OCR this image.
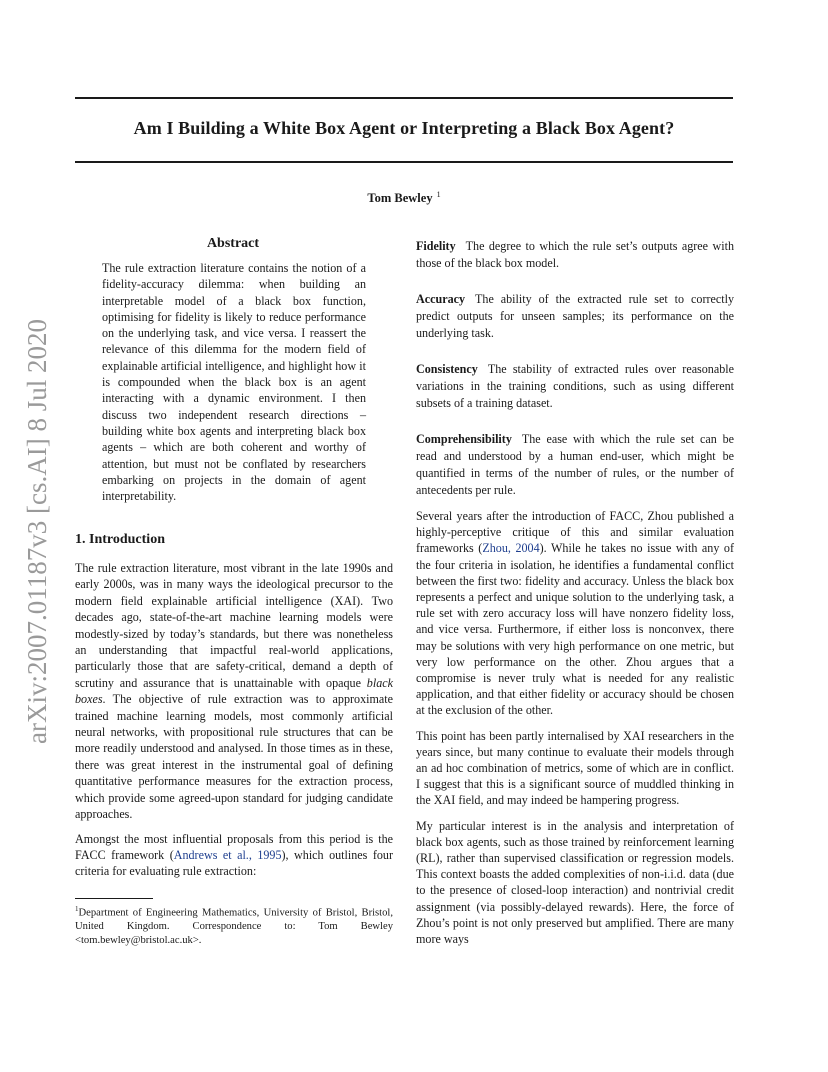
Am I Building a White Box Agent or Interpreting a Black Box Agent?
Tom Bewley $^1$
arXiv:2007.01187v3 [cs.AI] 8 Jul 2020
Abstract
The rule extraction literature contains the notion of a fidelity-accuracy dilemma: when building an interpretable model of a black box function, optimising for fidelity is likely to reduce performance on the underlying task, and vice versa. I reassert the relevance of this dilemma for the modern field of explainable artificial intelligence, and highlight how it is compounded when the black box is an agent interacting with a dynamic environment. I then discuss two independent research directions – building white box agents and interpreting black box agents – which are both coherent and worthy of attention, but must not be conflated by researchers embarking on projects in the domain of agent interpretability.
1. Introduction

The rule extraction literature, most vibrant in the late 1990s and early 2000s, was in many ways the ideological precursor to the modern field explainable artificial intelligence (XAI). Two decades ago, state-of-the-art machine learning models were modestly-sized by today’s standards, but there was nonetheless an understanding that impactful real-world applications, particularly those that are safety-critical, demand a depth of scrutiny and assurance that is unattainable with opaque black boxes. The objective of rule extraction was to approximate trained machine learning models, most commonly artificial neural networks, with propositional rule structures that can be more readily understood and analysed. In those times as in these, there was great interest in the instrumental goal of defining quantitative performance measures for the extraction process, which provide some agreed-upon standard for judging candidate approaches.

Amongst the most influential proposals from this period is the FACC framework (Andrews et al., 1995), which outlines four criteria for evaluating rule extraction:

$^1$Department of Engineering Mathematics, University of Bristol, Bristol, United Kingdom. Correspondence to: Tom Bewley <tom.bewley@bristol.ac.uk>.

Fidelity The degree to which the rule set’s outputs agree with those of the black box model.

Accuracy The ability of the extracted rule set to correctly predict outputs for unseen samples; its performance on the underlying task.

Consistency The stability of extracted rules over reasonable variations in the training conditions, such as using different subsets of a training dataset.

Comprehensibility The ease with which the rule set can be read and understood by a human end-user, which might be quantified in terms of the number of rules, or the number of antecedents per rule.

Several years after the introduction of FACC, Zhou published a highly-perceptive critique of this and similar evaluation frameworks (Zhou, 2004). While he takes no issue with any of the four criteria in isolation, he identifies a fundamental conflict between the first two: fidelity and accuracy. Unless the black box represents a perfect and unique solution to the underlying task, a rule set with zero accuracy loss will have nonzero fidelity loss, and vice versa. Furthermore, if either loss is nonconvex, there may be solutions with very high performance on one metric, but very low performance on the other. Zhou argues that a compromise is never truly what is needed for any realistic application, and that either fidelity or accuracy should be chosen at the exclusion of the other.

This point has been partly internalised by XAI researchers in the years since, but many continue to evaluate their models through an ad hoc combination of metrics, some of which are in conflict. I suggest that this is a significant source of muddled thinking in the XAI field, and may indeed be hampering progress.

My particular interest is in the analysis and interpretation of black box agents, such as those trained by reinforcement learning (RL), rather than supervised classification or regression models. This context boasts the added complexities of non-i.i.d. data (due to the presence of closed-loop interaction) and nontrivial credit assignment (via possibly-delayed rewards). Here, the force of Zhou’s point is not only preserved but amplified. There are many more ways
